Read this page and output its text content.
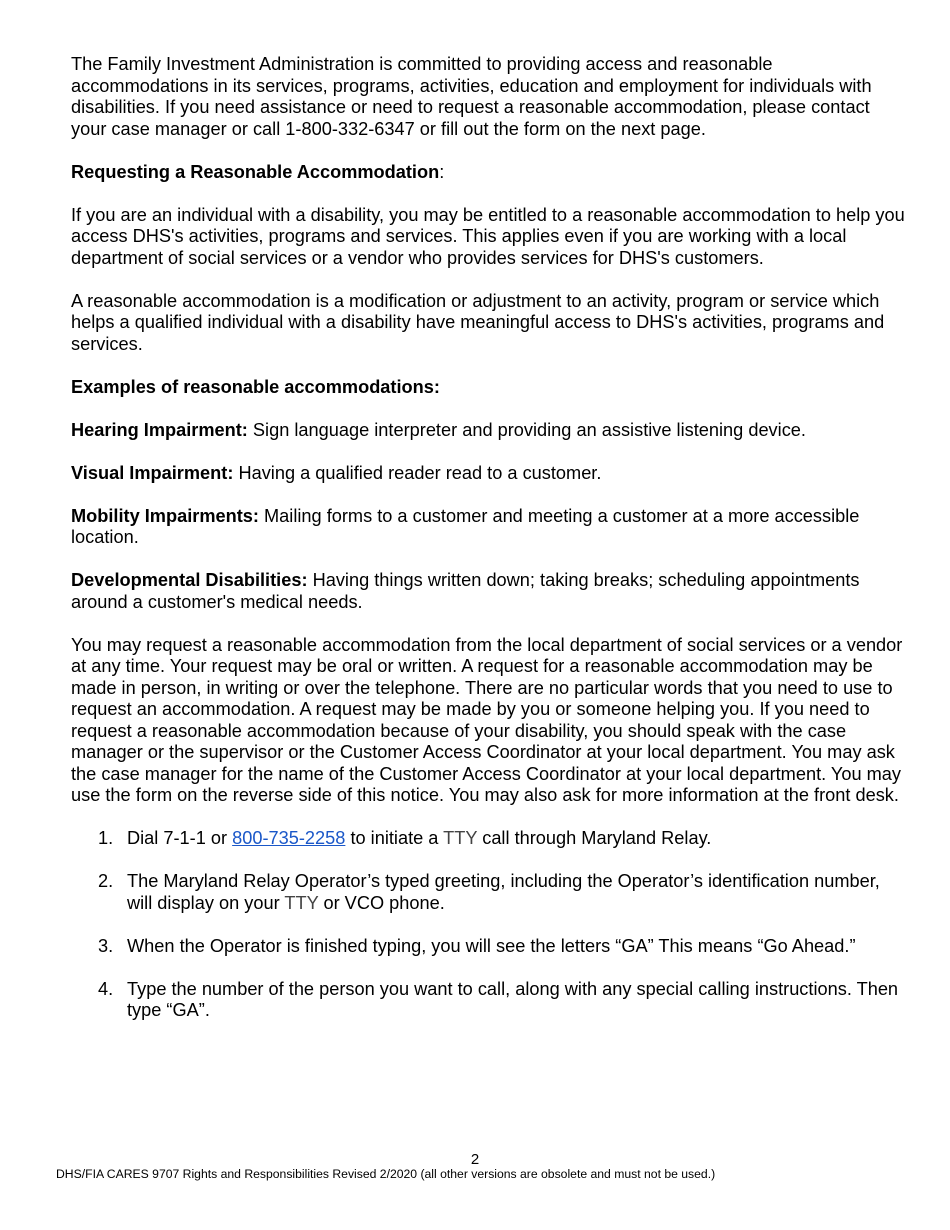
The Family Investment Administration is committed to providing access and reasonable accommodations in its services, programs, activities, education and employment for individuals with disabilities. If you need assistance or need to request a reasonable accommodation, please contact your case manager or call 1-800-332-6347 or fill out the form on the next page.

Requesting a Reasonable Accommodation:

If you are an individual with a disability, you may be entitled to a reasonable accommodation to help you access DHS's activities, programs and services. This applies even if you are working with a local department of social services or a vendor who provides services for DHS's customers.

A reasonable accommodation is a modification or adjustment to an activity, program or service which helps a qualified individual with a disability have meaningful access to DHS's activities, programs and services.

Examples of reasonable accommodations:

Hearing Impairment: Sign language interpreter and providing an assistive listening device.

Visual Impairment: Having a qualified reader read to a customer.

Mobility Impairments: Mailing forms to a customer and meeting a customer at a more accessible location.

Developmental Disabilities: Having things written down; taking breaks; scheduling appointments around a customer's medical needs.

You may request a reasonable accommodation from the local department of social services or a vendor at any time. Your request may be oral or written. A request for a reasonable accommodation may be made in person, in writing or over the telephone. There are no particular words that you need to use to request an accommodation. A request may be made by you or someone helping you. If you need to request a reasonable accommodation because of your disability, you should speak with the case manager or the supervisor or the Customer Access Coordinator at your local department. You may ask the case manager for the name of the Customer Access Coordinator at your local department. You may use the form on the reverse side of this notice. You may also ask for more information at the front desk.

1. Dial 7-1-1 or 800-735-2258 to initiate a TTY call through Maryland Relay.
2. The Maryland Relay Operator’s typed greeting, including the Operator’s identification number, will display on your TTY or VCO phone.
3. When the Operator is finished typing, you will see the letters “GA” This means “Go Ahead.”
4. Type the number of the person you want to call, along with any special calling instructions. Then type “GA”.
2
DHS/FIA CARES 9707 Rights and Responsibilities Revised 2/2020 (all other versions are obsolete and must not be used.)
